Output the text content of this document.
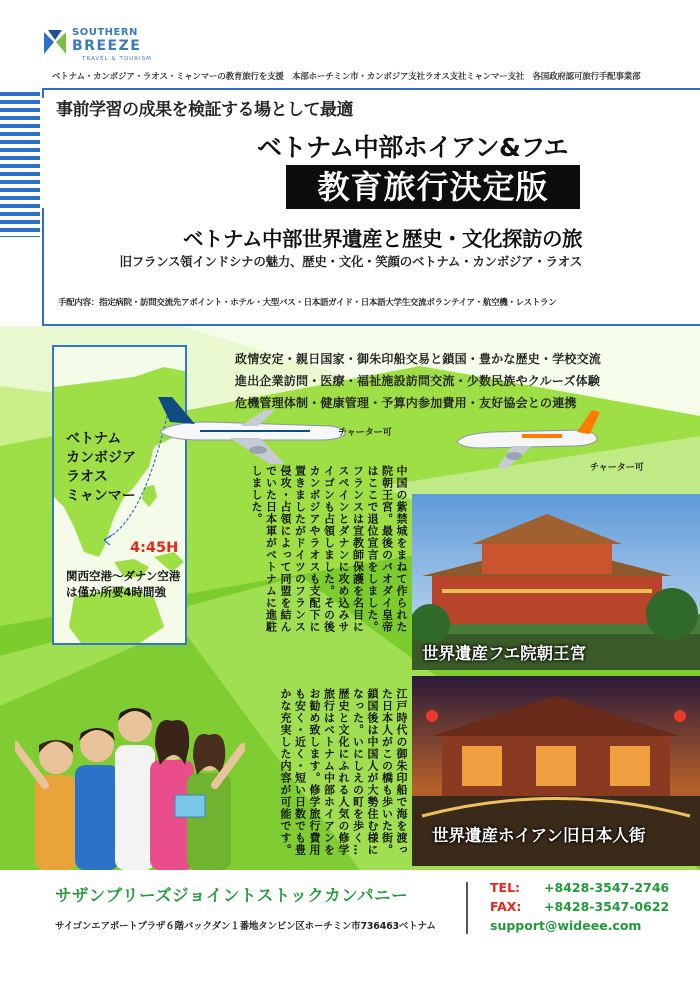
SOUTHERN
BREEZE
TRAVEL & TOURISM
ベトナム・カンボジア・ラオス・ミャンマーの教育旅行を支援　本部ホーチミン市・カンボジア支社ラオス支社ミャンマー支社　各国政府認可旅行手配事業部
事前学習の成果を検証する場として最適
ベトナム中部ホイアン&フエ
教育旅行決定版
ベトナム中部世界遺産と歴史・文化探訪の旅
旧フランス領インドシナの魅力、歴史・文化・笑顔のベトナム・カンボジア・ラオス
手配内容：指定病院・訪問交流先アポイント・ホテル・大型バス・日本語ガイド・日本語大学生交流ボランテイア・航空機・レストラン
政情安定・親日国家・御朱印船交易と鎖国・豊かな歴史・学校交流
進出企業訪問・医療・福祉施設訪問交流・少数民族やクルーズ体験
危機管理体制・健康管理・予算内参加費用・友好協会との連携
ベトナム
カンボジア
ラオス
ミャンマー
4:45H
関西空港～ダナン空港
は僅か所要4時間強
チャーター可
チャーター可
中国の紫禁城をまねて作られた院朝王宮。最後のバオダイ皇帝はここで退位宣言をしました。フランスは宣教師保護を名目にスペインとダナンに攻め込みサイゴンも占領しました。その後カンボジアやラオスも支配下に置きましたがドイツのフランス侵攻・占領によって同盟を結んでいた日本軍がベトナムに進駐しました。
江戸時代の御朱印船で海を渡った日本人がこの橋も歩いた街。鎖国後は中国人が大勢住む様になった。いにしえの町を歩く…歴史と文化にふれる人気の修学旅行はベトナム中部ホイアンをお勧め致します。修学旅行費用も安く・近く・短い日数でも豊かな充実した内容が可能です。
世界遺産フエ院朝王宮
世界遺産ホイアン旧日本人街
サザンブリーズジョイントストックカンパニー
サイゴンエアポートプラザ６階バックダン１番地タンビン区ホーチミン市736463ベトナム
TEL: +8428-3547-2746
FAX: +8428-3547-0622
support@wideee.com
